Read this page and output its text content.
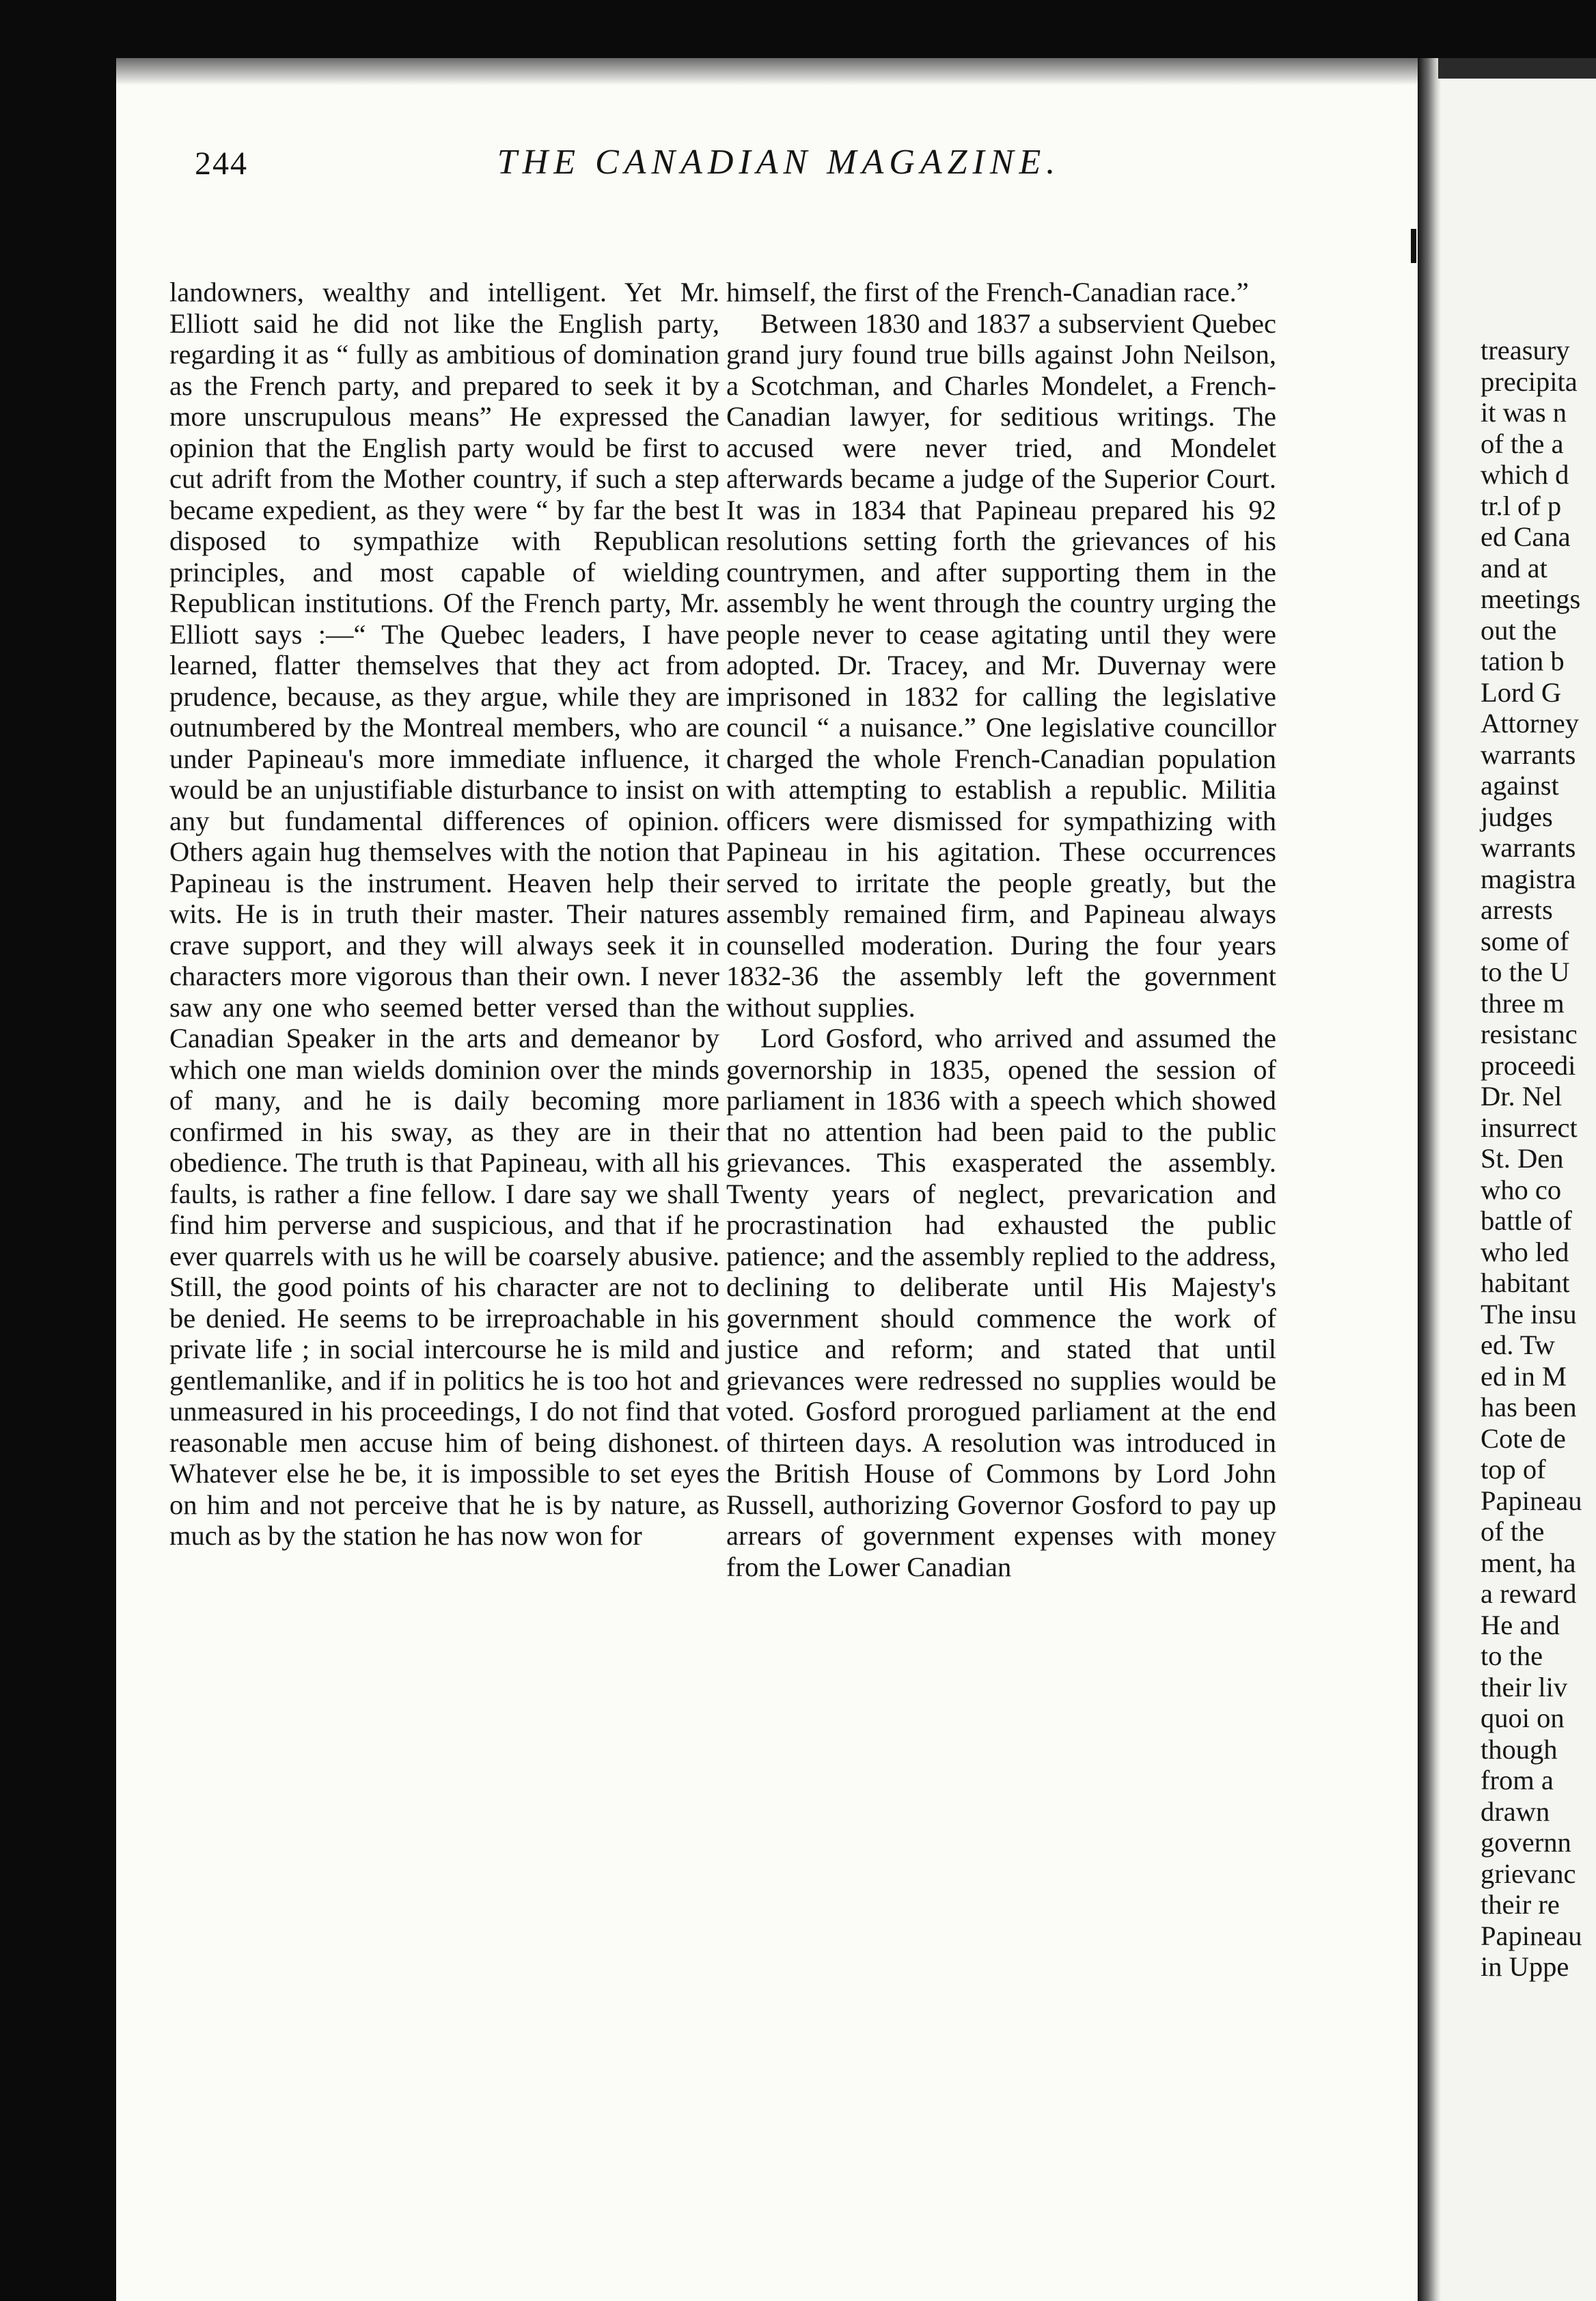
treasury
precipita
it was n
of the a
which d
tr.l of p
ed Cana
and at
meetings
out the
tation b
Lord G
Attorney
warrants
against
judges
warrants
magistra
arrests
some of
to the U
three m
resistanc
proceedi
Dr. Nel
insurrect
St. Den
who co
battle of
who led
habitant
The insu
ed. Tw
ed in M
has been
Cote de
top of
Papineau
of the
ment, ha
a reward
He and
to the
their liv
quoi on
though
from a
drawn
governn
grievanc
their re
Papineau
in Uppe
244	THE CANADIAN MAGAZINE.

landowners, wealthy and intelligent. Yet Mr. Elliott said he did not like the English party, regarding it as “ fully as ambitious of domination as the French party, and prepared to seek it by more unscrupulous means” He expressed the opinion that the English party would be first to cut adrift from the Mother country, if such a step became expedient, as they were “ by far the best disposed to sympathize with Republican principles, and most capable of wielding Republican institutions. Of the French party, Mr. Elliott says :—“ The Quebec leaders, I have learned, flatter themselves that they act from prudence, because, as they argue, while they are outnumbered by the Montreal members, who are under Papineau's more immediate influence, it would be an unjustifiable disturbance to insist on any but fundamental differences of opinion. Others again hug themselves with the notion that Papineau is the instrument. Heaven help their wits. He is in truth their master. Their natures crave support, and they will always seek it in characters more vigorous than their own. I never saw any one who seemed better versed than the Canadian Speaker in the arts and demeanor by which one man wields dominion over the minds of many, and he is daily becoming more confirmed in his sway, as they are in their obedience. The truth is that Papineau, with all his faults, is rather a fine fellow. I dare say we shall find him perverse and suspicious, and that if he ever quarrels with us he will be coarsely abusive. Still, the good points of his character are not to be denied. He seems to be irreproachable in his private life ; in social intercourse he is mild and gentlemanlike, and if in politics he is too hot and unmeasured in his proceedings, I do not find that reasonable men accuse him of being dishonest. Whatever else he be, it is impossible to set eyes on him and not perceive that he is by nature, as much as by the station he has now won for

himself, the first of the French-Canadian race.”

Between 1830 and 1837 a subservient Quebec grand jury found true bills against John Neilson, a Scotchman, and Charles Mondelet, a French-Canadian lawyer, for seditious writings. The accused were never tried, and Mondelet afterwards became a judge of the Superior Court. It was in 1834 that Papineau prepared his 92 resolutions setting forth the grievances of his countrymen, and after supporting them in the assembly he went through the country urging the people never to cease agitating until they were adopted. Dr. Tracey, and Mr. Duvernay were imprisoned in 1832 for calling the legislative council “ a nuisance.” One legislative councillor charged the whole French-Canadian population with attempting to establish a republic. Militia officers were dismissed for sympathizing with Papineau in his agitation. These occurrences served to irritate the people greatly, but the assembly remained firm, and Papineau always counselled moderation. During the four years 1832-36 the assembly left the government without supplies.

Lord Gosford, who arrived and assumed the governorship in 1835, opened the session of parliament in 1836 with a speech which showed that no attention had been paid to the public grievances. This exasperated the assembly. Twenty years of neglect, prevarication and procrastination had exhausted the public patience; and the assembly replied to the address, declining to deliberate until His Majesty's government should commence the work of justice and reform; and stated that until grievances were redressed no supplies would be voted. Gosford prorogued parliament at the end of thirteen days. A resolution was introduced in the British House of Commons by Lord John Russell, authorizing Governor Gosford to pay up arrears of government expenses with money from the Lower Canadian
